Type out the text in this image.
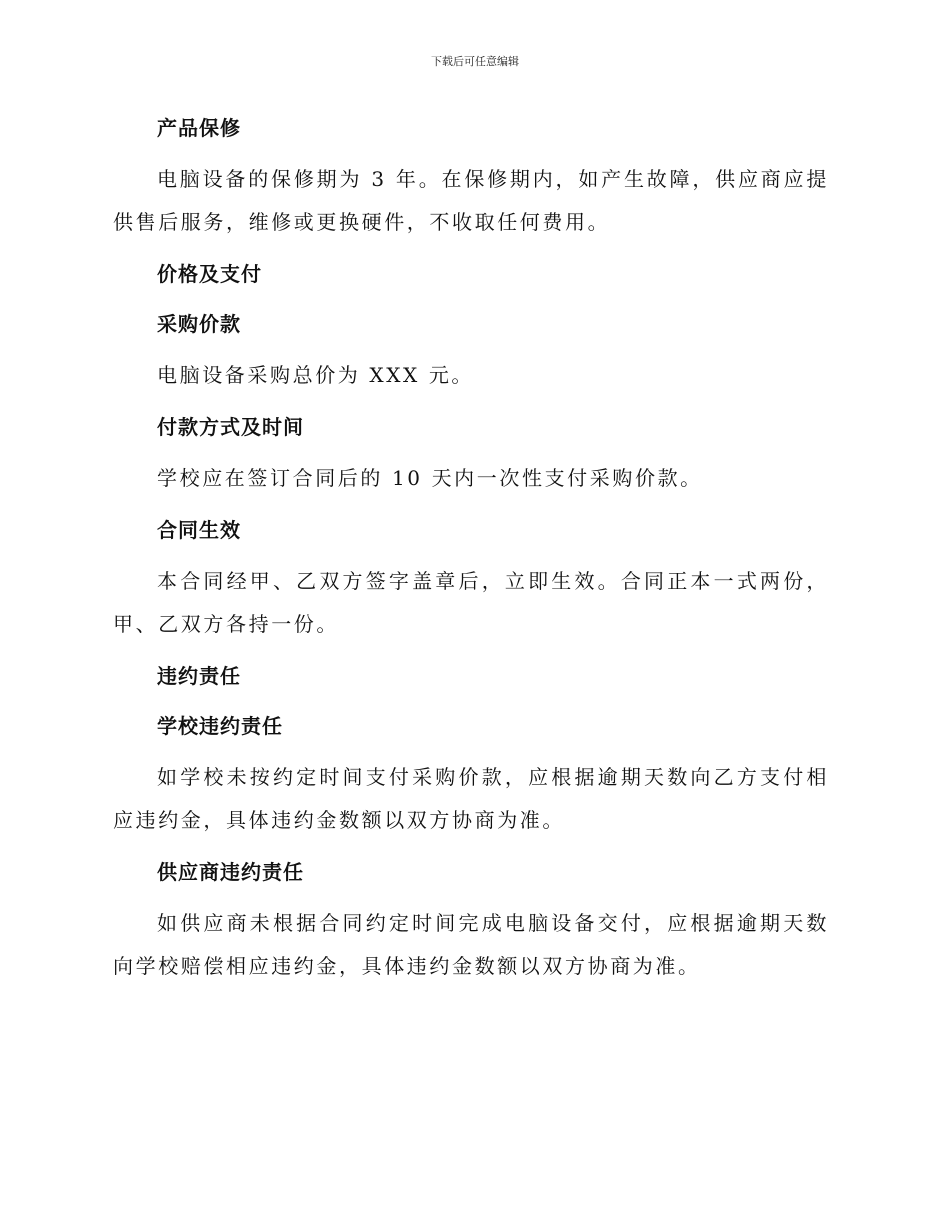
下载后可任意编辑
产品保修

电脑设备的保修期为 3 年。在保修期内，如产生故障，供应商应提供售后服务，维修或更换硬件，不收取任何费用。

价格及支付
采购价款

电脑设备采购总价为 XXX 元。

付款方式及时间

学校应在签订合同后的 10 天内一次性支付采购价款。

合同生效

本合同经甲、乙双方签字盖章后，立即生效。合同正本一式两份，甲、乙双方各持一份。

违约责任
学校违约责任

如学校未按约定时间支付采购价款，应根据逾期天数向乙方支付相应违约金，具体违约金数额以双方协商为准。

供应商违约责任

如供应商未根据合同约定时间完成电脑设备交付，应根据逾期天数向学校赔偿相应违约金，具体违约金数额以双方协商为准。
